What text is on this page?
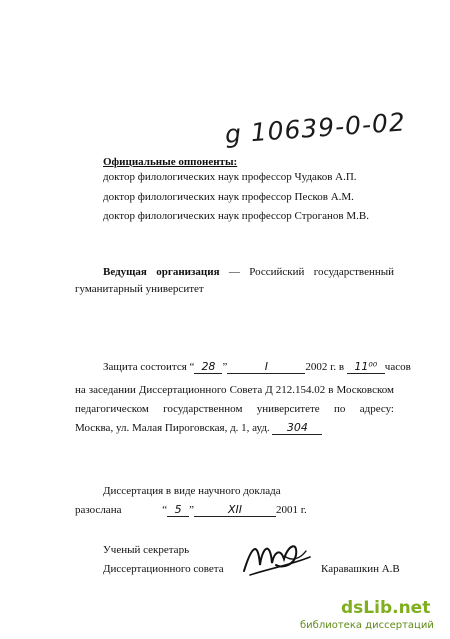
g 10639-0-02
Официальные оппоненты:
доктор филологических наук профессор Чудаков А.П.
доктор филологических наук профессор Песков А.М.
доктор филологических наук профессор Строганов М.В.
Ведущая организация — Российский государственный
гуманитарный университет
Защита состоится “ 28 ”	I	2002 г. в 11⁰⁰ часов
на заседании Диссертационного Совета Д 212.154.02 в Московском
педагогическом государственном университете по адресу:
Москва, ул. Малая Пироговская, д. 1, ауд. 304
Диссертация в виде научного доклада
разослана	“ 5 ”	XII	2001 г.
Ученый секретарь
Диссертационного совета	Каравашкин А.В
dsLib.net
библиотека диссертаций
